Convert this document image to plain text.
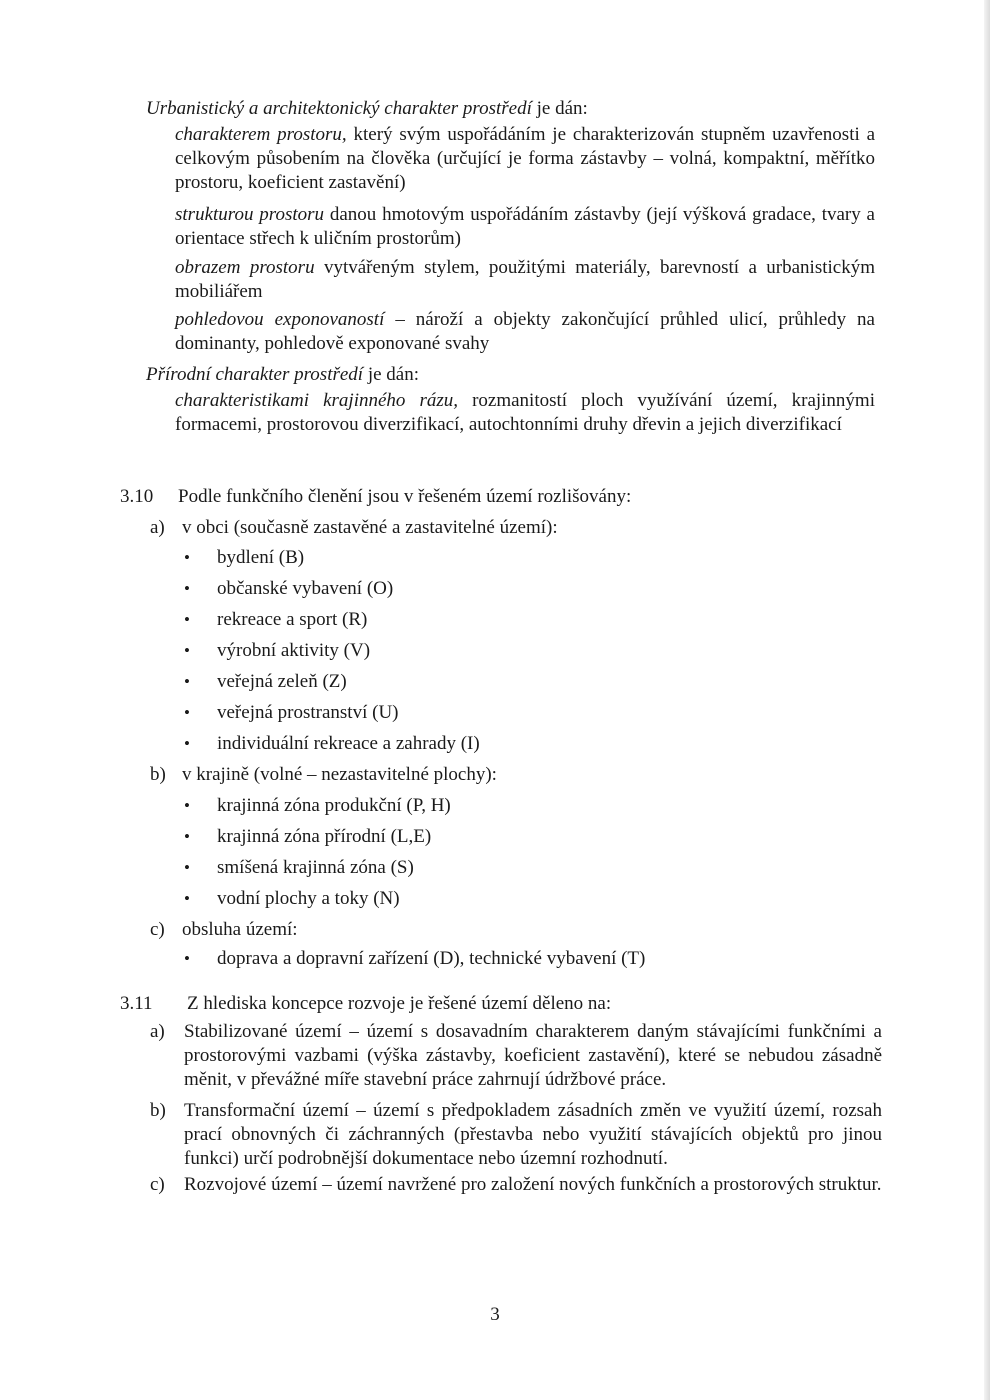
Urbanistický a architektonický charakter prostředí je dán:
charakterem prostoru, který svým uspořádáním je charakterizován stupněm uzavřenosti a celkovým působením na člověka (určující je forma zástavby – volná, kompaktní, měřítko prostoru, koeficient zastavění)
strukturou prostoru danou hmotovým uspořádáním zástavby (její výšková gradace, tvary a orientace střech k uličním prostorům)
obrazem prostoru vytvářeným stylem, použitými materiály, barevností a urbanistickým mobiliářem
pohledovou exponovaností – nároží a objekty zakončující průhled ulicí, průhledy na dominanty, pohledově exponované svahy
Přírodní charakter prostředí je dán:
charakteristikami krajinného rázu, rozmanitostí ploch využívání území, krajinnými formacemi, prostorovou diverzifikací, autochtonními druhy dřevin a jejich diverzifikací
3.10 Podle funkčního členění jsou v řešeném území rozlišovány:
a) v obci (současně zastavěné a zastavitelné území):
• bydlení (B)
• občanské vybavení (O)
• rekreace a sport (R)
• výrobní aktivity (V)
• veřejná zeleň (Z)
• veřejná prostranství (U)
• individuální rekreace a zahrady (I)
b) v krajině (volné – nezastavitelné plochy):
• krajinná zóna produkční (P, H)
• krajinná zóna přírodní (L,E)
• smíšená krajinná zóna (S)
• vodní plochy a toky (N)
c) obsluha území:
• doprava a dopravní zařízení (D), technické vybavení (T)
3.11 Z hlediska koncepce rozvoje je řešené území děleno na:
a) Stabilizované území – území s dosavadním charakterem daným stávajícími funkčními a prostorovými vazbami (výška zástavby, koeficient zastavění), které se nebudou zásadně měnit, v převážné míře stavební práce zahrnují údržbové práce.
b) Transformační území – území s předpokladem zásadních změn ve využití území, rozsah prací obnovných či záchranných (přestavba nebo využití stávajících objektů pro jinou funkci) určí podrobnější dokumentace nebo územní rozhodnutí.
c) Rozvojové území – území navržené pro založení nových funkčních a prostorových struktur.
3
